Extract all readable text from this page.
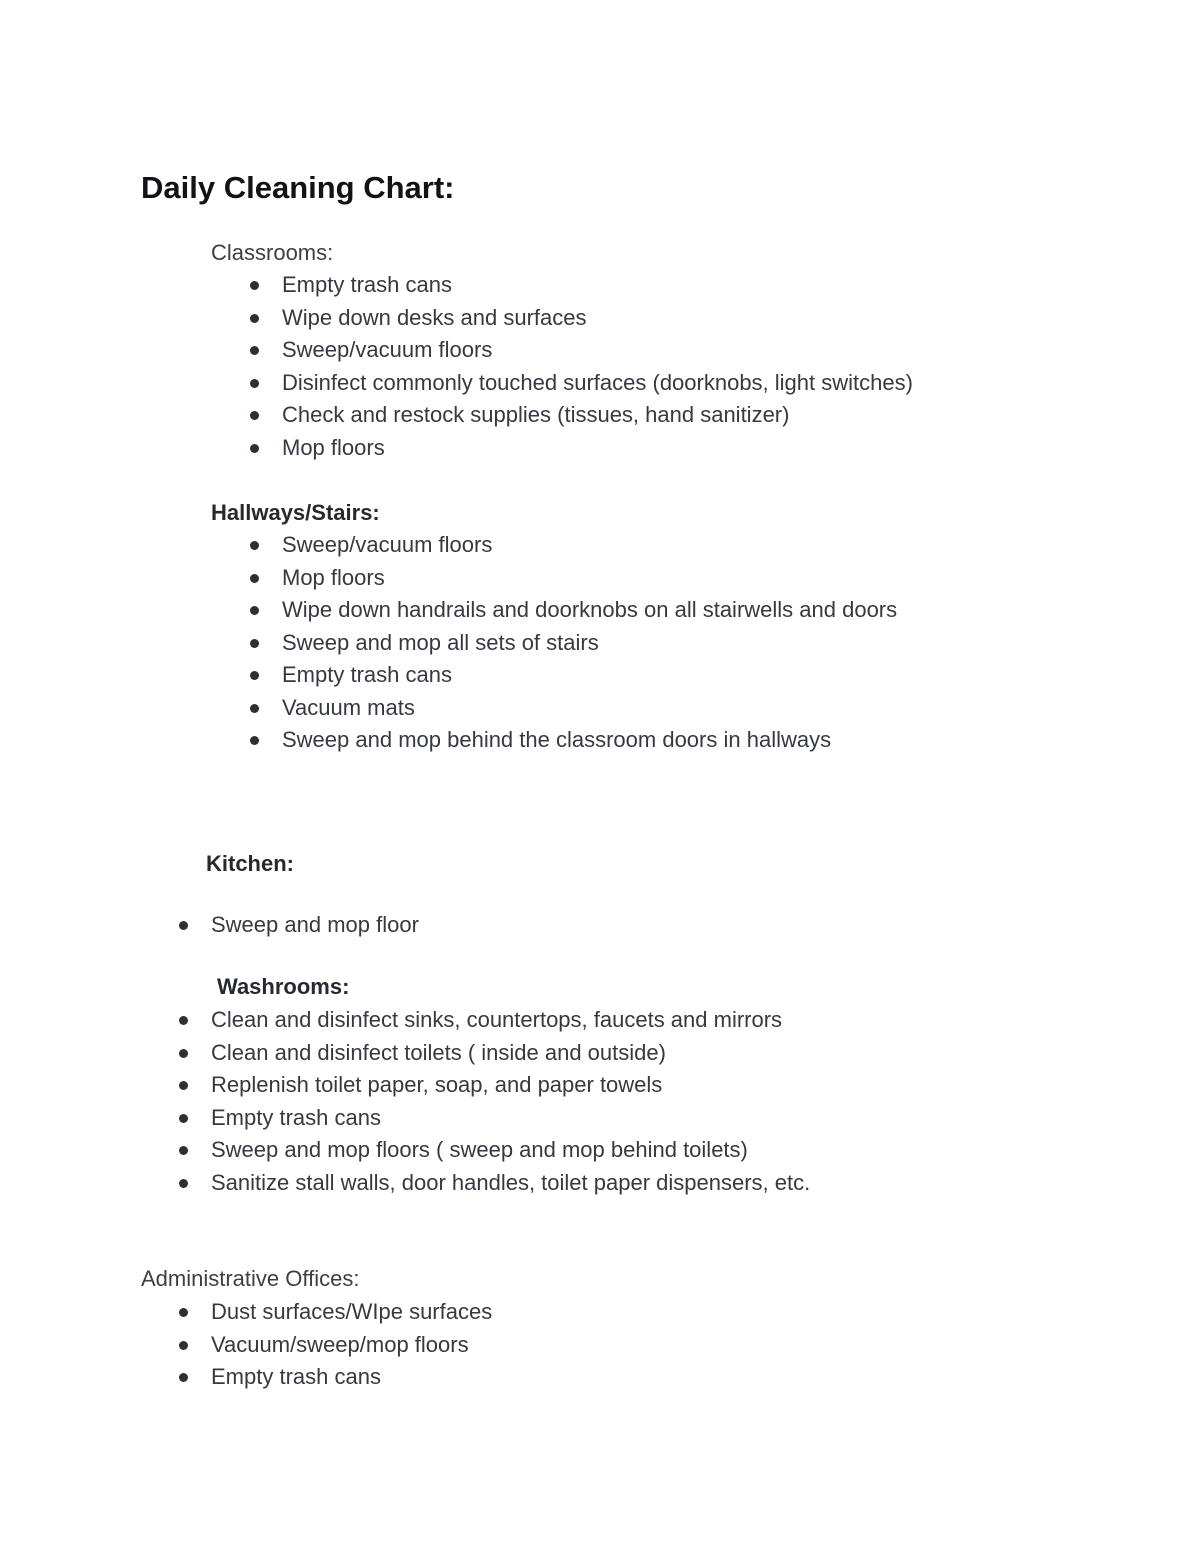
Daily Cleaning Chart:

Classrooms:

Empty trash cans
Wipe down desks and surfaces
Sweep/vacuum floors
Disinfect commonly touched surfaces (doorknobs, light switches)
Check and restock supplies (tissues, hand sanitizer)
Mop floors

Hallways/Stairs:

Sweep/vacuum floors
Mop floors
Wipe down handrails and doorknobs on all stairwells and doors
Sweep and mop all sets of stairs
Empty trash cans
Vacuum mats
Sweep and mop behind the classroom doors in hallways

Kitchen:

Sweep and mop floor

Washrooms:

Clean and disinfect sinks, countertops, faucets and mirrors
Clean and disinfect toilets ( inside and outside)
Replenish toilet paper, soap, and paper towels
Empty trash cans
Sweep and mop floors ( sweep and mop behind toilets)
Sanitize stall walls, door handles, toilet paper dispensers, etc.

Administrative Offices:

Dust surfaces/WIpe surfaces
Vacuum/sweep/mop floors
Empty trash cans
